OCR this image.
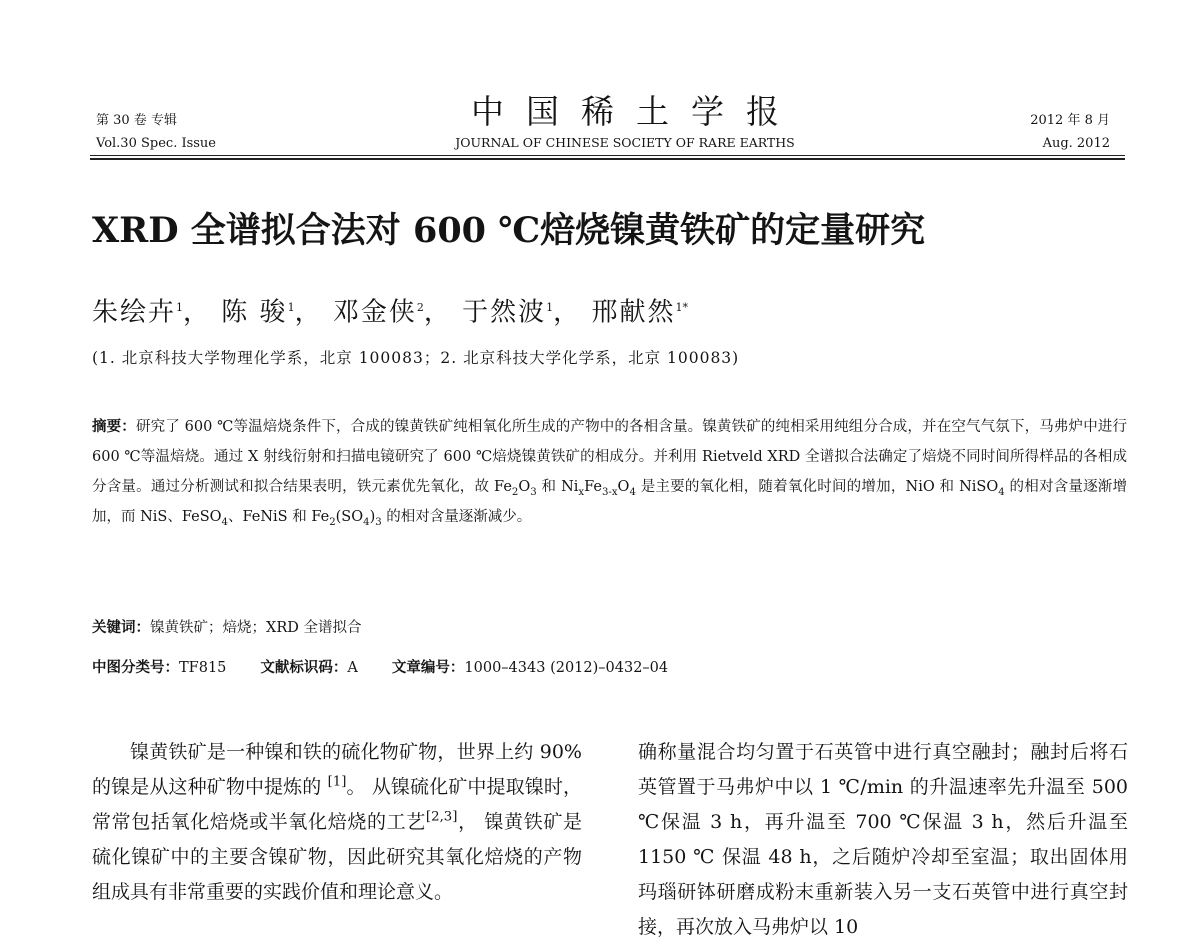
第 30 卷 专辑
Vol.30 Spec. Issue
中国稀土学报
JOURNAL OF CHINESE SOCIETY OF RARE EARTHS
2012 年 8 月
Aug. 2012
XRD 全谱拟合法对 600 ℃焙烧镍黄铁矿的定量研究
朱绘卉$^1$， 陈 骏$^1$， 邓金侠$^2$， 于然波$^1$， 邢献然$^{1*}$
(1. 北京科技大学物理化学系，北京 100083；2. 北京科技大学化学系，北京 100083)
摘要：研究了 600 ℃等温焙烧条件下，合成的镍黄铁矿纯相氧化所生成的产物中的各相含量。镍黄铁矿的纯相采用纯组分合成，并在空气气氛下，马弗炉中进行 600 ℃等温焙烧。通过 X 射线衍射和扫描电镜研究了 600 ℃焙烧镍黄铁矿的相成分。并利用 Rietveld XRD 全谱拟合法确定了焙烧不同时间所得样品的各相成分含量。通过分析测试和拟合结果表明，铁元素优先氧化，故 $Fe_2O_3$ 和 $Ni_xFe_{3-x}O_4$ 是主要的氧化相，随着氧化时间的增加，NiO 和 NiSO$_4$ 的相对含量逐渐增加，而 NiS、FeSO$_4$、FeNiS 和 $Fe_2(SO_4)_3$ 的相对含量逐渐减少。
关键词：镍黄铁矿；焙烧；XRD 全谱拟合
中图分类号：TF815 文献标识码：A 文章编号：1000–4343 (2012)–0432–04

镍黄铁矿是一种镍和铁的硫化物矿物，世界上约 90%的镍是从这种矿物中提炼的 [1]。 从镍硫化矿中提取镍时，常常包括氧化焙烧或半氧化焙烧的工艺[2,3]， 镍黄铁矿是硫化镍矿中的主要含镍矿物，因此研究其氧化焙烧的产物组成具有非常重要的实践价值和理论意义。

确称量混合均匀置于石英管中进行真空融封；融封后将石英管置于马弗炉中以 1 ℃/min 的升温速率先升温至 500 ℃保温 3 h，再升温至 700 ℃保温 3 h，然后升温至 1150 ℃ 保温 48 h，之后随炉冷却至室温；取出固体用玛瑙研钵研磨成粉末重新装入另一支石英管中进行真空封接，再次放入马弗炉以 10
